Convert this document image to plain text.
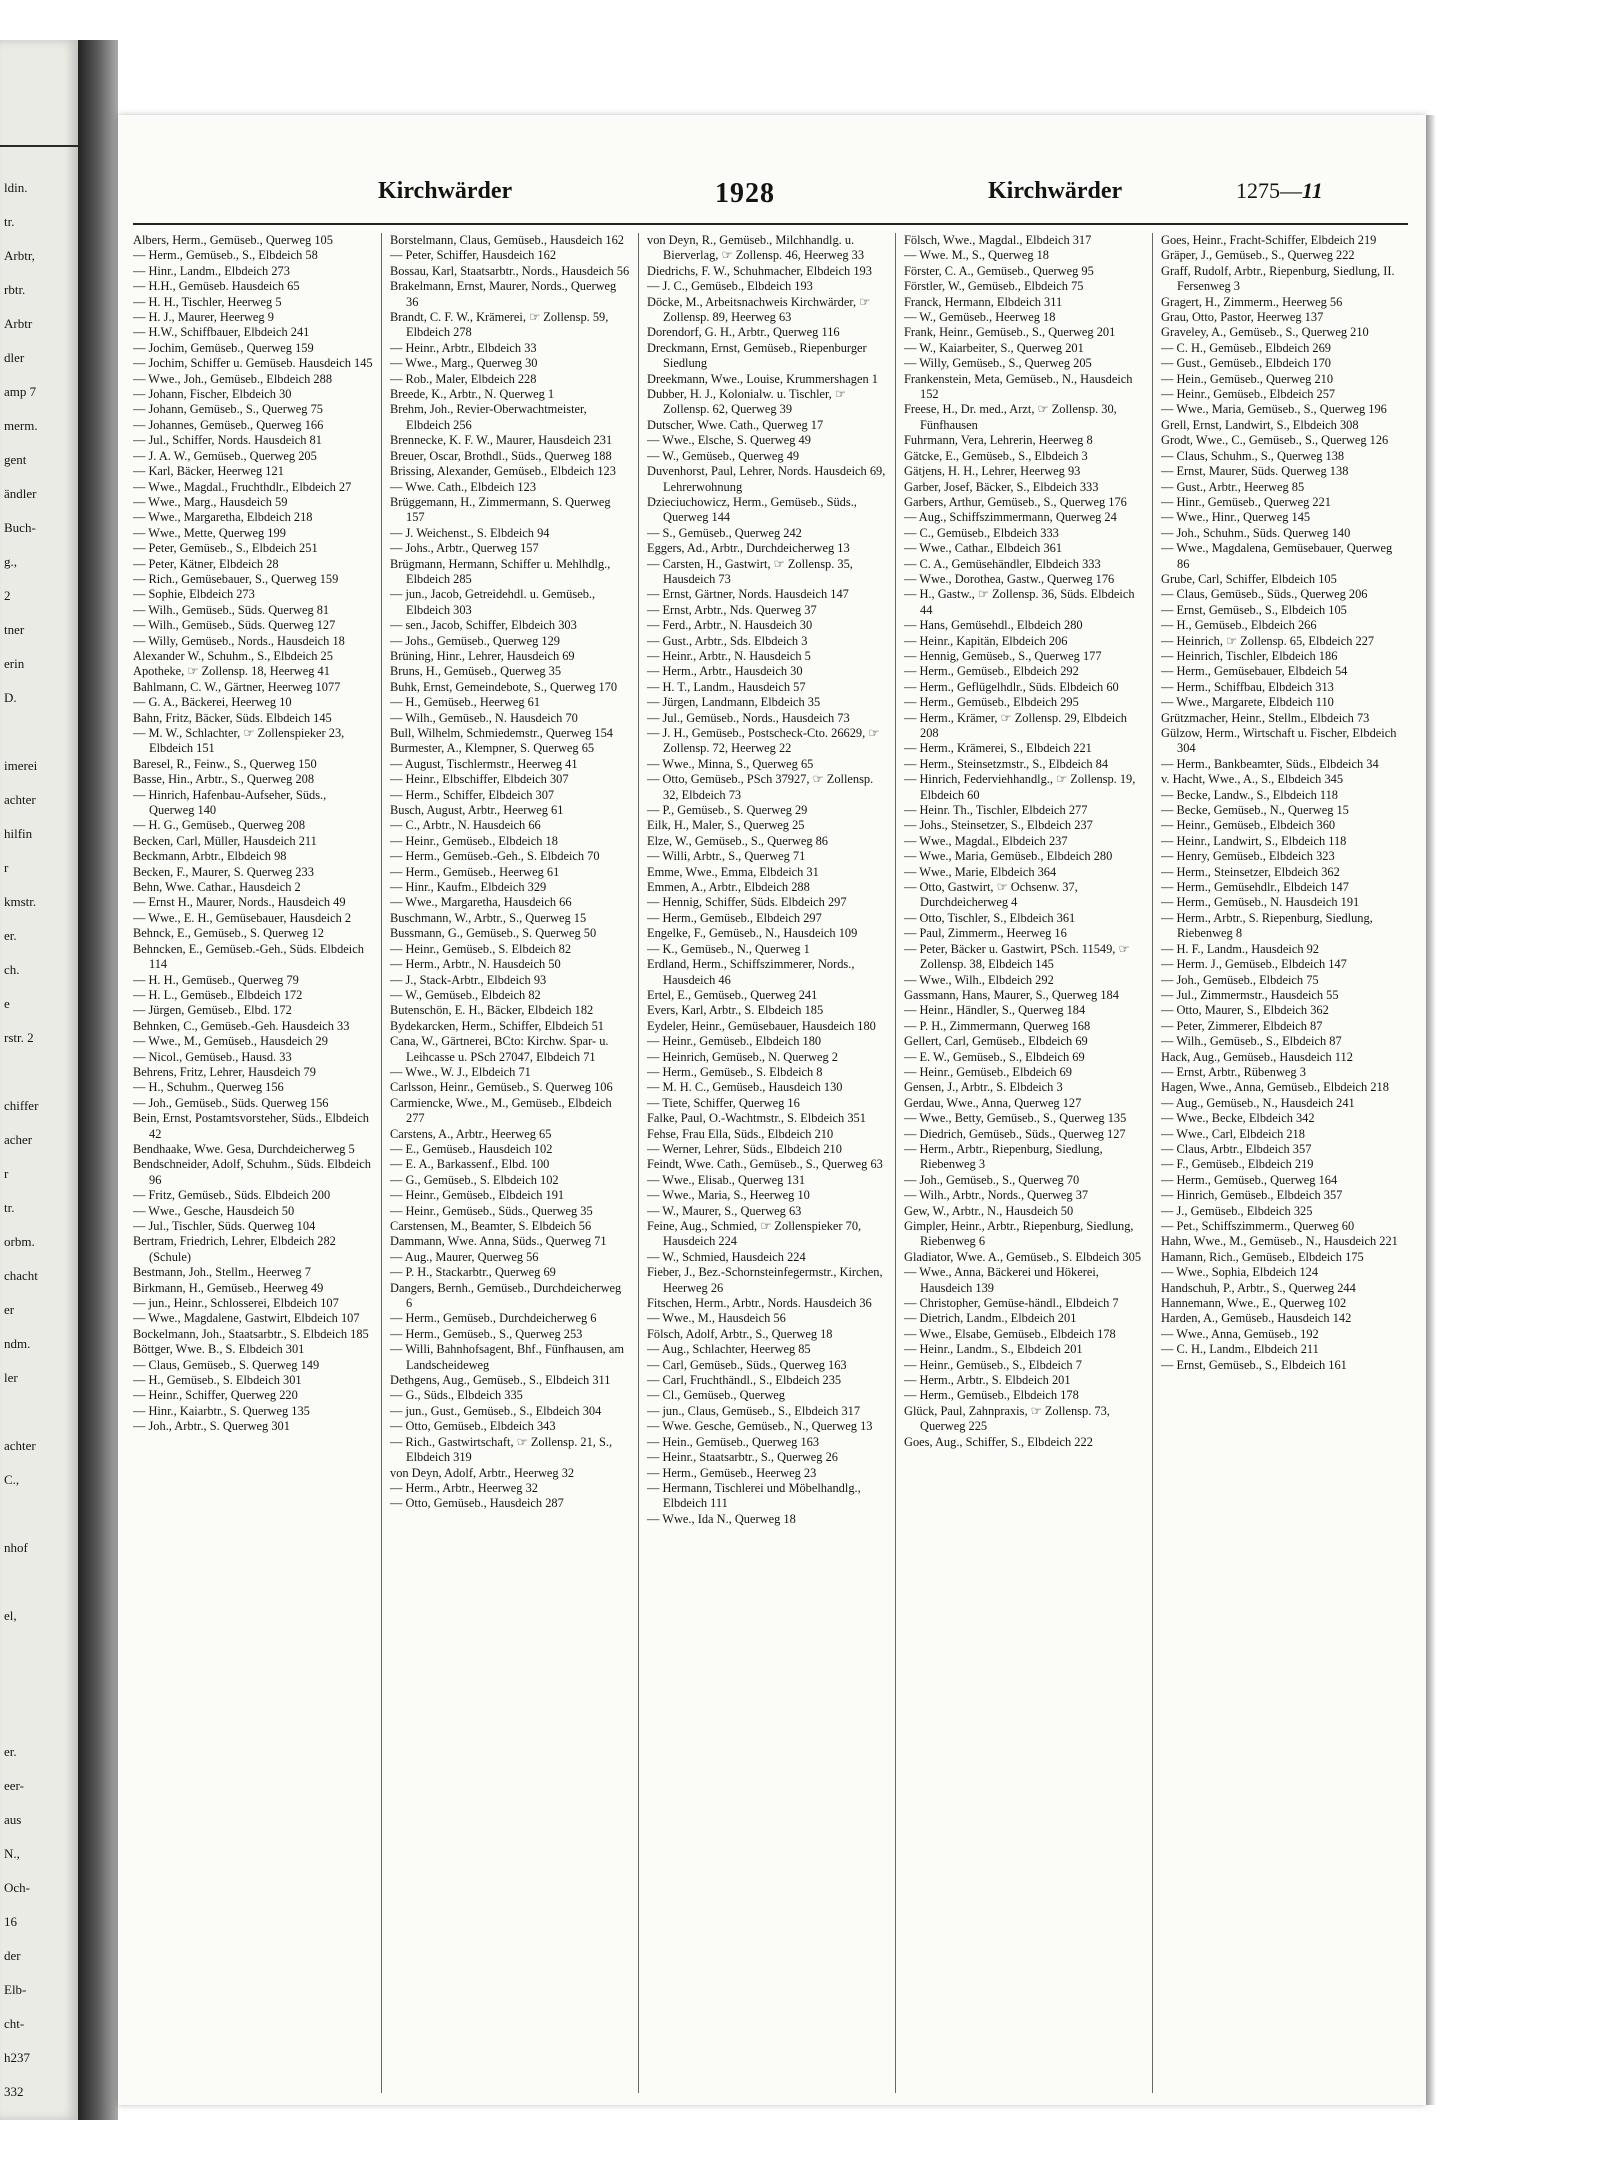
ldin.
tr.
Arbtr,
rbtr.
Arbtr
dler
amp 7
merm.
gent
ändler
Buch-
g.,
2
tner
erin
D.
imerei
achter
hilfin
r
kmstr.
er.
ch.
e
rstr. 2
chiffer
acher
r
tr.
orbm.
chacht
er
ndm.
ler
achter
C.,
nhof
el,
er.
eer-
aus
N.,
Och-
16
der
Elb-
cht-
h237
332
Kirchwärder	1928	Kirchwärder	1275—11

Albers, Herm., Gemüseb., Querweg 105

— Herm., Gemüseb., S., Elbdeich 58

— Hinr., Landm., Elbdeich 273

— H.H., Gemüseb. Hausdeich 65

— H. H., Tischler, Heerweg 5

— H. J., Maurer, Heerweg 9

— H.W., Schiffbauer, Elbdeich 241

— Jochim, Gemüseb., Querweg 159

— Jochim, Schiffer u. Gemüseb. Hausdeich 145

— Wwe., Joh., Gemüseb., Elbdeich 288

— Johann, Fischer, Elbdeich 30

— Johann, Gemüseb., S., Querweg 75

— Johannes, Gemüseb., Querweg 166

— Jul., Schiffer, Nords. Hausdeich 81

— J. A. W., Gemüseb., Querweg 205

— Karl, Bäcker, Heerweg 121

— Wwe., Magdal., Fruchthdlr., Elbdeich 27

— Wwe., Marg., Hausdeich 59

— Wwe., Margaretha, Elbdeich 218

— Wwe., Mette, Querweg 199

— Peter, Gemüseb., S., Elbdeich 251

— Peter, Kätner, Elbdeich 28

— Rich., Gemüsebauer, S., Querweg 159

— Sophie, Elbdeich 273

— Wilh., Gemüseb., Süds. Querweg 81

— Wilh., Gemüseb., Süds. Querweg 127

— Willy, Gemüseb., Nords., Hausdeich 18

Alexander W., Schuhm., S., Elbdeich 25

Apotheke, ☞ Zollensp. 18, Heerweg 41

Bahlmann, C. W., Gärtner, Heerweg 1077

— G. A., Bäckerei, Heerweg 10

Bahn, Fritz, Bäcker, Süds. Elbdeich 145

— M. W., Schlachter, ☞ Zollenspieker 23, Elbdeich 151

Baresel, R., Feinw., S., Querweg 150

Basse, Hin., Arbtr., S., Querweg 208

— Hinrich, Hafenbau-Aufseher, Süds., Querweg 140

— H. G., Gemüseb., Querweg 208

Becken, Carl, Müller, Hausdeich 211

Beckmann, Arbtr., Elbdeich 98

Becken, F., Maurer, S. Querweg 233

Behn, Wwe. Cathar., Hausdeich 2

— Ernst H., Maurer, Nords., Hausdeich 49

— Wwe., E. H., Gemüsebauer, Hausdeich 2

Behnck, E., Gemüseb., S. Querweg 12

Behncken, E., Gemüseb.-Geh., Süds. Elbdeich 114

— H. H., Gemüseb., Querweg 79

— H. L., Gemüseb., Elbdeich 172

— Jürgen, Gemüseb., Elbd. 172

Behnken, C., Gemüseb.-Geh. Hausdeich 33

— Wwe., M., Gemüseb., Hausdeich 29

— Nicol., Gemüseb., Hausd. 33

Behrens, Fritz, Lehrer, Hausdeich 79

— H., Schuhm., Querweg 156

— Joh., Gemüseb., Süds. Querweg 156

Bein, Ernst, Postamtsvorsteher, Süds., Elbdeich 42

Bendhaake, Wwe. Gesa, Durchdeicherweg 5

Bendschneider, Adolf, Schuhm., Süds. Elbdeich 96

— Fritz, Gemüseb., Süds. Elbdeich 200

— Wwe., Gesche, Hausdeich 50

— Jul., Tischler, Süds. Querweg 104

Bertram, Friedrich, Lehrer, Elbdeich 282 (Schule)

Bestmann, Joh., Stellm., Heerweg 7

Birkmann, H., Gemüseb., Heerweg 49

— jun., Heinr., Schlosserei, Elbdeich 107

— Wwe., Magdalene, Gastwirt, Elbdeich 107

Bockelmann, Joh., Staatsarbtr., S. Elbdeich 185

Böttger, Wwe. B., S. Elbdeich 301

— Claus, Gemüseb., S. Querweg 149

— H., Gemüseb., S. Elbdeich 301

— Heinr., Schiffer, Querweg 220

— Hinr., Kaiarbtr., S. Querweg 135

— Joh., Arbtr., S. Querweg 301

Borstelmann, Claus, Gemüseb., Hausdeich 162

— Peter, Schiffer, Hausdeich 162

Bossau, Karl, Staatsarbtr., Nords., Hausdeich 56

Brakelmann, Ernst, Maurer, Nords., Querweg 36

Brandt, C. F. W., Krämerei, ☞ Zollensp. 59, Elbdeich 278

— Heinr., Arbtr., Elbdeich 33

— Wwe., Marg., Querweg 30

— Rob., Maler, Elbdeich 228

Breede, K., Arbtr., N. Querweg 1

Brehm, Joh., Revier-Oberwachtmeister, Elbdeich 256

Brennecke, K. F. W., Maurer, Hausdeich 231

Breuer, Oscar, Brothdl., Süds., Querweg 188

Brissing, Alexander, Gemüseb., Elbdeich 123

— Wwe. Cath., Elbdeich 123

Brüggemann, H., Zimmermann, S. Querweg 157

— J. Weichenst., S. Elbdeich 94

— Johs., Arbtr., Querweg 157

Brügmann, Hermann, Schiffer u. Mehlhdlg., Elbdeich 285

— jun., Jacob, Getreidehdl. u. Gemüseb., Elbdeich 303

— sen., Jacob, Schiffer, Elbdeich 303

— Johs., Gemüseb., Querweg 129

Brüning, Hinr., Lehrer, Hausdeich 69

Bruns, H., Gemüseb., Querweg 35

Buhk, Ernst, Gemeindebote, S., Querweg 170

— H., Gemüseb., Heerweg 61

— Wilh., Gemüseb., N. Hausdeich 70

Bull, Wilhelm, Schmiedemstr., Querweg 154

Burmester, A., Klempner, S. Querweg 65

— August, Tischlermstr., Heerweg 41

— Heinr., Elbschiffer, Elbdeich 307

— Herm., Schiffer, Elbdeich 307

Busch, August, Arbtr., Heerweg 61

— C., Arbtr., N. Hausdeich 66

— Heinr., Gemüseb., Elbdeich 18

— Herm., Gemüseb.-Geh., S. Elbdeich 70

— Herm., Gemüseb., Heerweg 61

— Hinr., Kaufm., Elbdeich 329

— Wwe., Margaretha, Hausdeich 66

Buschmann, W., Arbtr., S., Querweg 15

Bussmann, G., Gemüseb., S. Querweg 50

— Heinr., Gemüseb., S. Elbdeich 82

— Herm., Arbtr., N. Hausdeich 50

— J., Stack-Arbtr., Elbdeich 93

— W., Gemüseb., Elbdeich 82

Butenschön, E. H., Bäcker, Elbdeich 182

Bydekarcken, Herm., Schiffer, Elbdeich 51

Cana, W., Gärtnerei, BCto: Kirchw. Spar- u. Leihcasse u. PSch 27047, Elbdeich 71

— Wwe., W. J., Elbdeich 71

Carlsson, Heinr., Gemüseb., S. Querweg 106

Carmiencke, Wwe., M., Gemüseb., Elbdeich 277

Carstens, A., Arbtr., Heerweg 65

— E., Gemüseb., Hausdeich 102

— E. A., Barkassenf., Elbd. 100

— G., Gemüseb., S. Elbdeich 102

— Heinr., Gemüseb., Elbdeich 191

— Heinr., Gemüseb., Süds., Querweg 35

Carstensen, M., Beamter, S. Elbdeich 56

Dammann, Wwe. Anna, Süds., Querweg 71

— Aug., Maurer, Querweg 56

— P. H., Stackarbtr., Querweg 69

Dangers, Bernh., Gemüseb., Durchdeicherweg 6

— Herm., Gemüseb., Durchdeicherweg 6

— Herm., Gemüseb., S., Querweg 253

— Willi, Bahnhofsagent, Bhf., Fünfhausen, am Landscheideweg

Dethgens, Aug., Gemüseb., S., Elbdeich 311

— G., Süds., Elbdeich 335

— jun., Gust., Gemüseb., S., Elbdeich 304

— Otto, Gemüseb., Elbdeich 343

— Rich., Gastwirtschaft, ☞ Zollensp. 21, S., Elbdeich 319

von Deyn, Adolf, Arbtr., Heerweg 32

— Herm., Arbtr., Heerweg 32

— Otto, Gemüseb., Hausdeich 287

von Deyn, R., Gemüseb., Milchhandlg. u. Bierverlag, ☞ Zollensp. 46, Heerweg 33

Diedrichs, F. W., Schuhmacher, Elbdeich 193

— J. C., Gemüseb., Elbdeich 193

Döcke, M., Arbeitsnachweis Kirchwärder, ☞ Zollensp. 89, Heerweg 63

Dorendorf, G. H., Arbtr., Querweg 116

Dreckmann, Ernst, Gemüseb., Riepenburger Siedlung

Dreekmann, Wwe., Louise, Krummershagen 1

Dubber, H. J., Kolonialw. u. Tischler, ☞ Zollensp. 62, Querweg 39

Dutscher, Wwe. Cath., Querweg 17

— Wwe., Elsche, S. Querweg 49

— W., Gemüseb., Querweg 49

Duvenhorst, Paul, Lehrer, Nords. Hausdeich 69, Lehrerwohnung

Dzieciuchowicz, Herm., Gemüseb., Süds., Querweg 144

— S., Gemüseb., Querweg 242

Eggers, Ad., Arbtr., Durchdeicherweg 13

— Carsten, H., Gastwirt, ☞ Zollensp. 35, Hausdeich 73

— Ernst, Gärtner, Nords. Hausdeich 147

— Ernst, Arbtr., Nds. Querweg 37

— Ferd., Arbtr., N. Hausdeich 30

— Gust., Arbtr., Sds. Elbdeich 3

— Heinr., Arbtr., N. Hausdeich 5

— Herm., Arbtr., Hausdeich 30

— H. T., Landm., Hausdeich 57

— Jürgen, Landmann, Elbdeich 35

— Jul., Gemüseb., Nords., Hausdeich 73

— J. H., Gemüseb., Postscheck-Cto. 26629, ☞ Zollensp. 72, Heerweg 22

— Wwe., Minna, S., Querweg 65

— Otto, Gemüseb., PSch 37927, ☞ Zollensp. 32, Elbdeich 73

— P., Gemüseb., S. Querweg 29

Eilk, H., Maler, S., Querweg 25

Elze, W., Gemüseb., S., Querweg 86

— Willi, Arbtr., S., Querweg 71

Emme, Wwe., Emma, Elbdeich 31

Emmen, A., Arbtr., Elbdeich 288

— Hennig, Schiffer, Süds. Elbdeich 297

— Herm., Gemüseb., Elbdeich 297

Engelke, F., Gemüseb., N., Hausdeich 109

— K., Gemüseb., N., Querweg 1

Erdland, Herm., Schiffszimmerer, Nords., Hausdeich 46

Ertel, E., Gemüseb., Querweg 241

Evers, Karl, Arbtr., S. Elbdeich 185

Eydeler, Heinr., Gemüsebauer, Hausdeich 180

— Heinr., Gemüseb., Elbdeich 180

— Heinrich, Gemüseb., N. Querweg 2

— Herm., Gemüseb., S. Elbdeich 8

— M. H. C., Gemüseb., Hausdeich 130

— Tiete, Schiffer, Querweg 16

Falke, Paul, O.-Wachtmstr., S. Elbdeich 351

Fehse, Frau Ella, Süds., Elbdeich 210

— Werner, Lehrer, Süds., Elbdeich 210

Feindt, Wwe. Cath., Gemüseb., S., Querweg 63

— Wwe., Elisab., Querweg 131

— Wwe., Maria, S., Heerweg 10

— W., Maurer, S., Querweg 63

Feine, Aug., Schmied, ☞ Zollenspieker 70, Hausdeich 224

— W., Schmied, Hausdeich 224

Fieber, J., Bez.-Schornsteinfegermstr., Kirchen, Heerweg 26

Fitschen, Herm., Arbtr., Nords. Hausdeich 36

— Wwe., M., Hausdeich 56

Fölsch, Adolf, Arbtr., S., Querweg 18

— Aug., Schlachter, Heerweg 85

— Carl, Gemüseb., Süds., Querweg 163

— Carl, Fruchthändl., S., Elbdeich 235

— Cl., Gemüseb., Querweg

— jun., Claus, Gemüseb., S., Elbdeich 317

— Wwe. Gesche, Gemüseb., N., Querweg 13

— Hein., Gemüseb., Querweg 163

— Heinr., Staatsarbtr., S., Querweg 26

— Herm., Gemüseb., Heerweg 23

— Hermann, Tischlerei und Möbelhandlg., Elbdeich 111

— Wwe., Ida N., Querweg 18

Fölsch, Wwe., Magdal., Elbdeich 317

— Wwe. M., S., Querweg 18

Förster, C. A., Gemüseb., Querweg 95

Förstler, W., Gemüseb., Elbdeich 75

Franck, Hermann, Elbdeich 311

— W., Gemüseb., Heerweg 18

Frank, Heinr., Gemüseb., S., Querweg 201

— W., Kaiarbeiter, S., Querweg 201

— Willy, Gemüseb., S., Querweg 205

Frankenstein, Meta, Gemüseb., N., Hausdeich 152

Freese, H., Dr. med., Arzt, ☞ Zollensp. 30, Fünfhausen

Fuhrmann, Vera, Lehrerin, Heerweg 8

Gätcke, E., Gemüseb., S., Elbdeich 3

Gätjens, H. H., Lehrer, Heerweg 93

Garber, Josef, Bäcker, S., Elbdeich 333

Garbers, Arthur, Gemüseb., S., Querweg 176

— Aug., Schiffszimmermann, Querweg 24

— C., Gemüseb., Elbdeich 333

— Wwe., Cathar., Elbdeich 361

— C. A., Gemüsehändler, Elbdeich 333

— Wwe., Dorothea, Gastw., Querweg 176

— H., Gastw., ☞ Zollensp. 36, Süds. Elbdeich 44

— Hans, Gemüsehdl., Elbdeich 280

— Heinr., Kapitän, Elbdeich 206

— Hennig, Gemüseb., S., Querweg 177

— Herm., Gemüseb., Elbdeich 292

— Herm., Geflügelhdlr., Süds. Elbdeich 60

— Herm., Gemüseb., Elbdeich 295

— Herm., Krämer, ☞ Zollensp. 29, Elbdeich 208

— Herm., Krämerei, S., Elbdeich 221

— Herm., Steinsetzmstr., S., Elbdeich 84

— Hinrich, Federviehhandlg., ☞ Zollensp. 19, Elbdeich 60

— Heinr. Th., Tischler, Elbdeich 277

— Johs., Steinsetzer, S., Elbdeich 237

— Wwe., Magdal., Elbdeich 237

— Wwe., Maria, Gemüseb., Elbdeich 280

— Wwe., Marie, Elbdeich 364

— Otto, Gastwirt, ☞ Ochsenw. 37, Durchdeicherweg 4

— Otto, Tischler, S., Elbdeich 361

— Paul, Zimmerm., Heerweg 16

— Peter, Bäcker u. Gastwirt, PSch. 11549, ☞ Zollensp. 38, Elbdeich 145

— Wwe., Wilh., Elbdeich 292

Gassmann, Hans, Maurer, S., Querweg 184

— Heinr., Händler, S., Querweg 184

— P. H., Zimmermann, Querweg 168

Gellert, Carl, Gemüseb., Elbdeich 69

— E. W., Gemüseb., S., Elbdeich 69

— Heinr., Gemüseb., Elbdeich 69

Gensen, J., Arbtr., S. Elbdeich 3

Gerdau, Wwe., Anna, Querweg 127

— Wwe., Betty, Gemüseb., S., Querweg 135

— Diedrich, Gemüseb., Süds., Querweg 127

— Herm., Arbtr., Riepenburg, Siedlung, Riebenweg 3

— Joh., Gemüseb., S., Querweg 70

— Wilh., Arbtr., Nords., Querweg 37

Gew, W., Arbtr., N., Hausdeich 50

Gimpler, Heinr., Arbtr., Riepenburg, Siedlung, Riebenweg 6

Gladiator, Wwe. A., Gemüseb., S. Elbdeich 305

— Wwe., Anna, Bäckerei und Hökerei, Hausdeich 139

— Christopher, Gemüse-händl., Elbdeich 7

— Dietrich, Landm., Elbdeich 201

— Wwe., Elsabe, Gemüseb., Elbdeich 178

— Heinr., Landm., S., Elbdeich 201

— Heinr., Gemüseb., S., Elbdeich 7

— Herm., Arbtr., S. Elbdeich 201

— Herm., Gemüseb., Elbdeich 178

Glück, Paul, Zahnpraxis, ☞ Zollensp. 73, Querweg 225

Goes, Aug., Schiffer, S., Elbdeich 222

Goes, Heinr., Fracht-Schiffer, Elbdeich 219

Gräper, J., Gemüseb., S., Querweg 222

Graff, Rudolf, Arbtr., Riepenburg, Siedlung, II. Fersenweg 3

Gragert, H., Zimmerm., Heerweg 56

Grau, Otto, Pastor, Heerweg 137

Graveley, A., Gemüseb., S., Querweg 210

— C. H., Gemüseb., Elbdeich 269

— Gust., Gemüseb., Elbdeich 170

— Hein., Gemüseb., Querweg 210

— Heinr., Gemüseb., Elbdeich 257

— Wwe., Maria, Gemüseb., S., Querweg 196

Grell, Ernst, Landwirt, S., Elbdeich 308

Grodt, Wwe., C., Gemüseb., S., Querweg 126

— Claus, Schuhm., S., Querweg 138

— Ernst, Maurer, Süds. Querweg 138

— Gust., Arbtr., Heerweg 85

— Hinr., Gemüseb., Querweg 221

— Wwe., Hinr., Querweg 145

— Joh., Schuhm., Süds. Querweg 140

— Wwe., Magdalena, Gemüsebauer, Querweg 86

Grube, Carl, Schiffer, Elbdeich 105

— Claus, Gemüseb., Süds., Querweg 206

— Ernst, Gemüseb., S., Elbdeich 105

— H., Gemüseb., Elbdeich 266

— Heinrich, ☞ Zollensp. 65, Elbdeich 227

— Heinrich, Tischler, Elbdeich 186

— Herm., Gemüsebauer, Elbdeich 54

— Herm., Schiffbau, Elbdeich 313

— Wwe., Margarete, Elbdeich 110

Grützmacher, Heinr., Stellm., Elbdeich 73

Gülzow, Herm., Wirtschaft u. Fischer, Elbdeich 304

— Herm., Bankbeamter, Süds., Elbdeich 34

v. Hacht, Wwe., A., S., Elbdeich 345

— Becke, Landw., S., Elbdeich 118

— Becke, Gemüseb., N., Querweg 15

— Heinr., Gemüseb., Elbdeich 360

— Heinr., Landwirt, S., Elbdeich 118

— Henry, Gemüseb., Elbdeich 323

— Herm., Steinsetzer, Elbdeich 362

— Herm., Gemüsehdlr., Elbdeich 147

— Herm., Gemüseb., N. Hausdeich 191

— Herm., Arbtr., S. Riepenburg, Siedlung, Riebenweg 8

— H. F., Landm., Hausdeich 92

— Herm. J., Gemüseb., Elbdeich 147

— Joh., Gemüseb., Elbdeich 75

— Jul., Zimmermstr., Hausdeich 55

— Otto, Maurer, S., Elbdeich 362

— Peter, Zimmerer, Elbdeich 87

— Wilh., Gemüseb., S., Elbdeich 87

Hack, Aug., Gemüseb., Hausdeich 112

— Ernst, Arbtr., Rübenweg 3

Hagen, Wwe., Anna, Gemüseb., Elbdeich 218

— Aug., Gemüseb., N., Hausdeich 241

— Wwe., Becke, Elbdeich 342

— Wwe., Carl, Elbdeich 218

— Claus, Arbtr., Elbdeich 357

— F., Gemüseb., Elbdeich 219

— Herm., Gemüseb., Querweg 164

— Hinrich, Gemüseb., Elbdeich 357

— J., Gemüseb., Elbdeich 325

— Pet., Schiffszimmerm., Querweg 60

Hahn, Wwe., M., Gemüseb., N., Hausdeich 221

Hamann, Rich., Gemüseb., Elbdeich 175

— Wwe., Sophia, Elbdeich 124

Handschuh, P., Arbtr., S., Querweg 244

Hannemann, Wwe., E., Querweg 102

Harden, A., Gemüseb., Hausdeich 142

— Wwe., Anna, Gemüseb., 192

— C. H., Landm., Elbdeich 211

— Ernst, Gemüseb., S., Elbdeich 161
